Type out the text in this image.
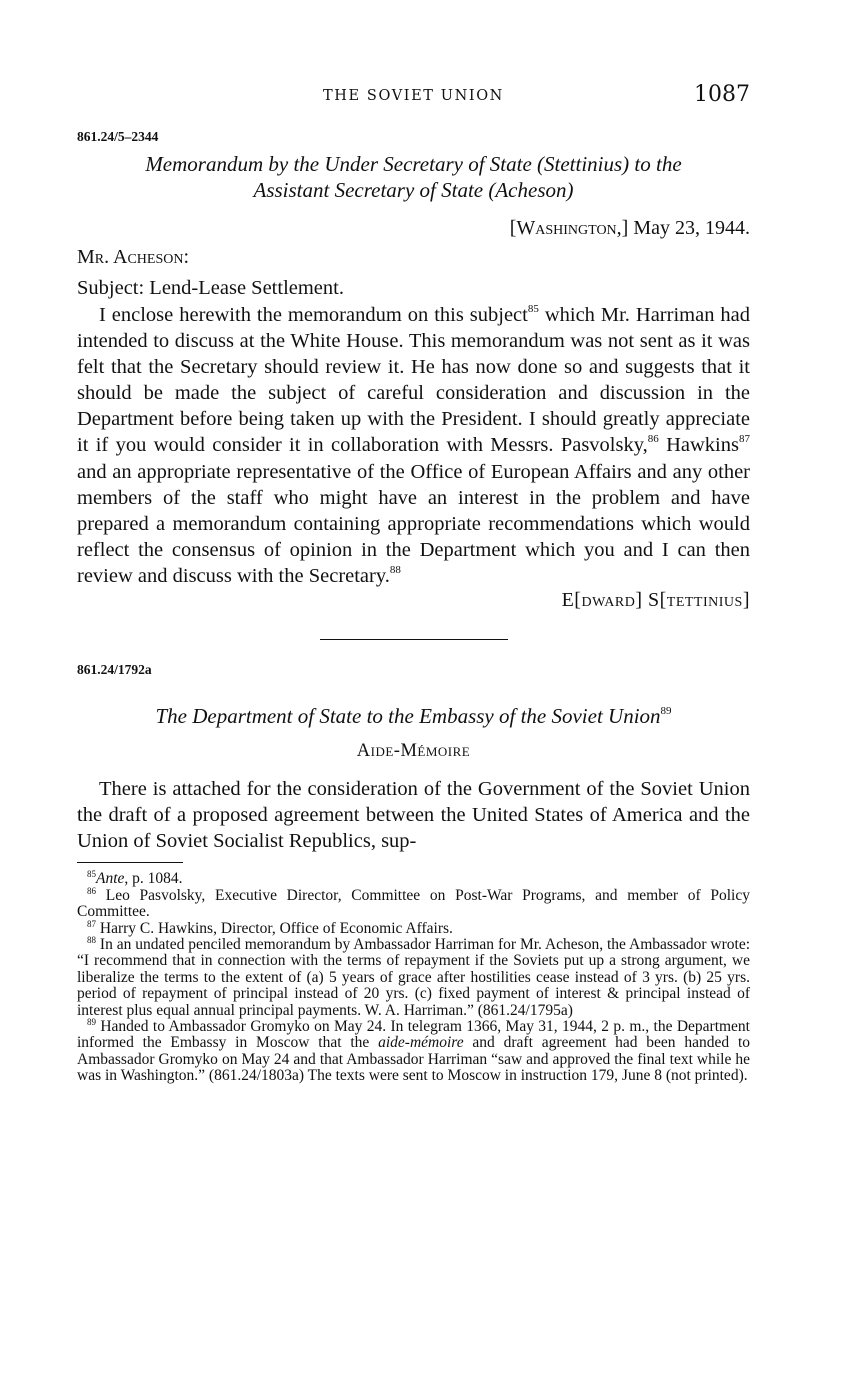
THE SOVIET UNION	1087
861.24/5–2344
Memorandum by the Under Secretary of State (Stettinius) to the
Assistant Secretary of State (Acheson)
[Washington,] May 23, 1944.
Mr. Acheson:
Subject: Lend-Lease Settlement.

I enclose herewith the memorandum on this subject$^{85}$ which Mr. Harriman had intended to discuss at the White House. This memorandum was not sent as it was felt that the Secretary should review it. He has now done so and suggests that it should be made the subject of careful consideration and discussion in the Department before being taken up with the President. I should greatly appreciate it if you would consider it in collaboration with Messrs. Pasvolsky,$^{86}$ Hawkins$^{87}$ and an appropriate representative of the Office of European Affairs and any other members of the staff who might have an interest in the problem and have prepared a memorandum containing appropriate recommendations which would reflect the consensus of opinion in the Department which you and I can then review and discuss with the Secretary.$^{88}$

E[dward] S[tettinius]
861.24/1792a
The Department of State to the Embassy of the Soviet Union$^{89}$
Aide-Mémoire

There is attached for the consideration of the Government of the Soviet Union the draft of a proposed agreement between the United States of America and the Union of Soviet Socialist Republics, sup-

$^{85}$Ante, p. 1084.
$^{86}$ Leo Pasvolsky, Executive Director, Committee on Post-War Programs, and member of Policy Committee.
$^{87}$ Harry C. Hawkins, Director, Office of Economic Affairs.
$^{88}$ In an undated penciled memorandum by Ambassador Harriman for Mr. Acheson, the Ambassador wrote: “I recommend that in connection with the terms of repayment if the Soviets put up a strong argument, we liberalize the terms to the extent of (a) 5 years of grace after hostilities cease instead of 3 yrs. (b) 25 yrs. period of repayment of principal instead of 20 yrs. (c) fixed payment of interest & principal instead of interest plus equal annual principal payments. W. A. Harriman.” (861.24/1795a)
$^{89}$ Handed to Ambassador Gromyko on May 24. In telegram 1366, May 31, 1944, 2 p. m., the Department informed the Embassy in Moscow that the aide-mémoire and draft agreement had been handed to Ambassador Gromyko on May 24 and that Ambassador Harriman “saw and approved the final text while he was in Washington.” (861.24/1803a) The texts were sent to Moscow in instruction 179, June 8 (not printed).
